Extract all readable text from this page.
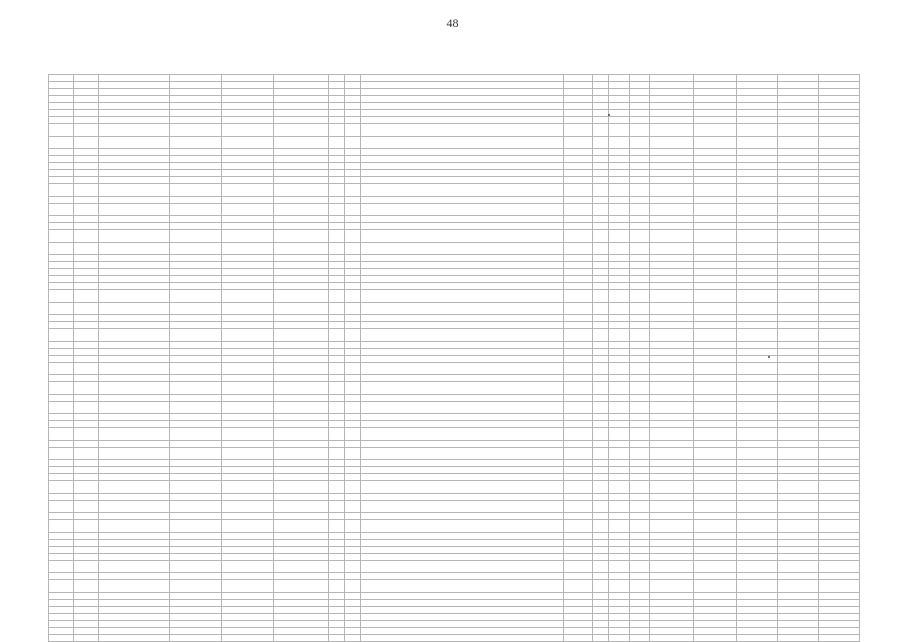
48
